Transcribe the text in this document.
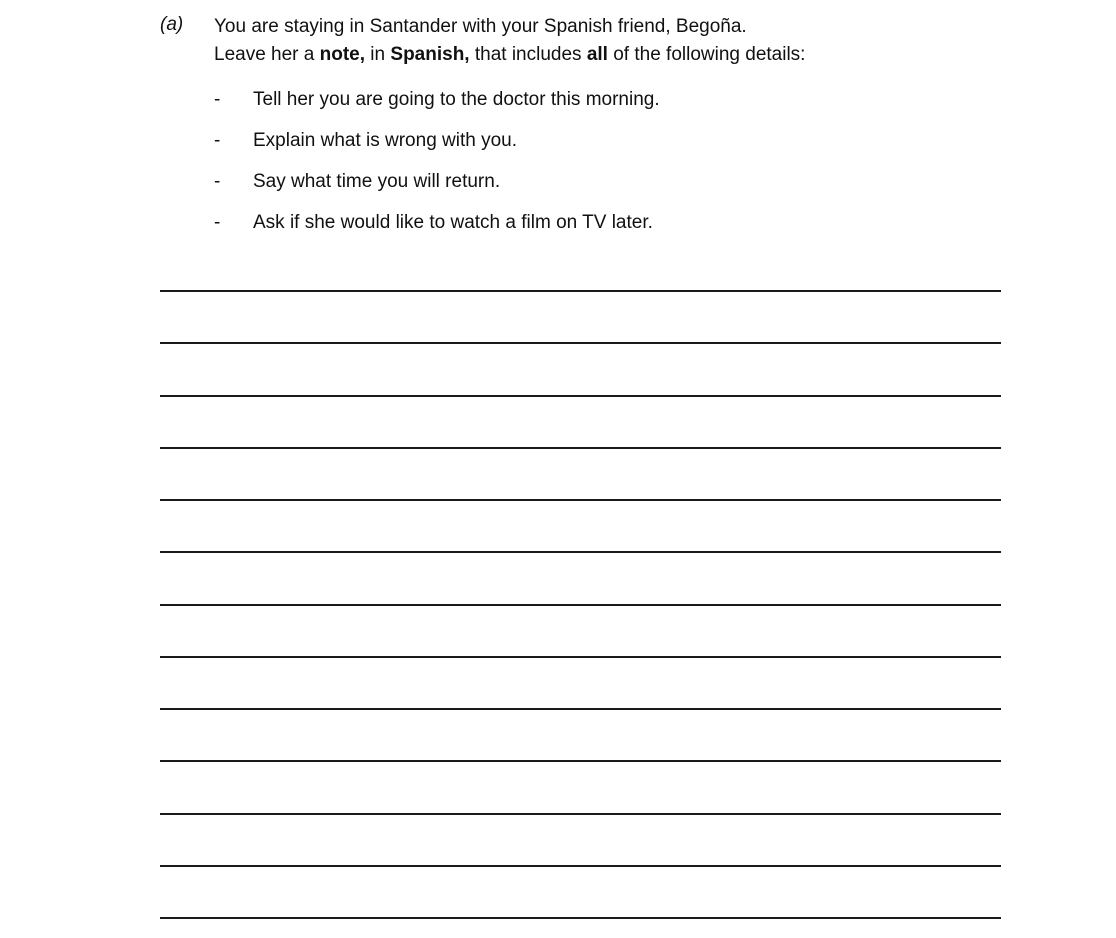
(a) You are staying in Santander with your Spanish friend, Begoña.
Leave her a note, in Spanish, that includes all of the following details:
-	Tell her you are going to the doctor this morning.
-	Explain what is wrong with you.
-	Say what time you will return.
-	Ask if she would like to watch a film on TV later.
